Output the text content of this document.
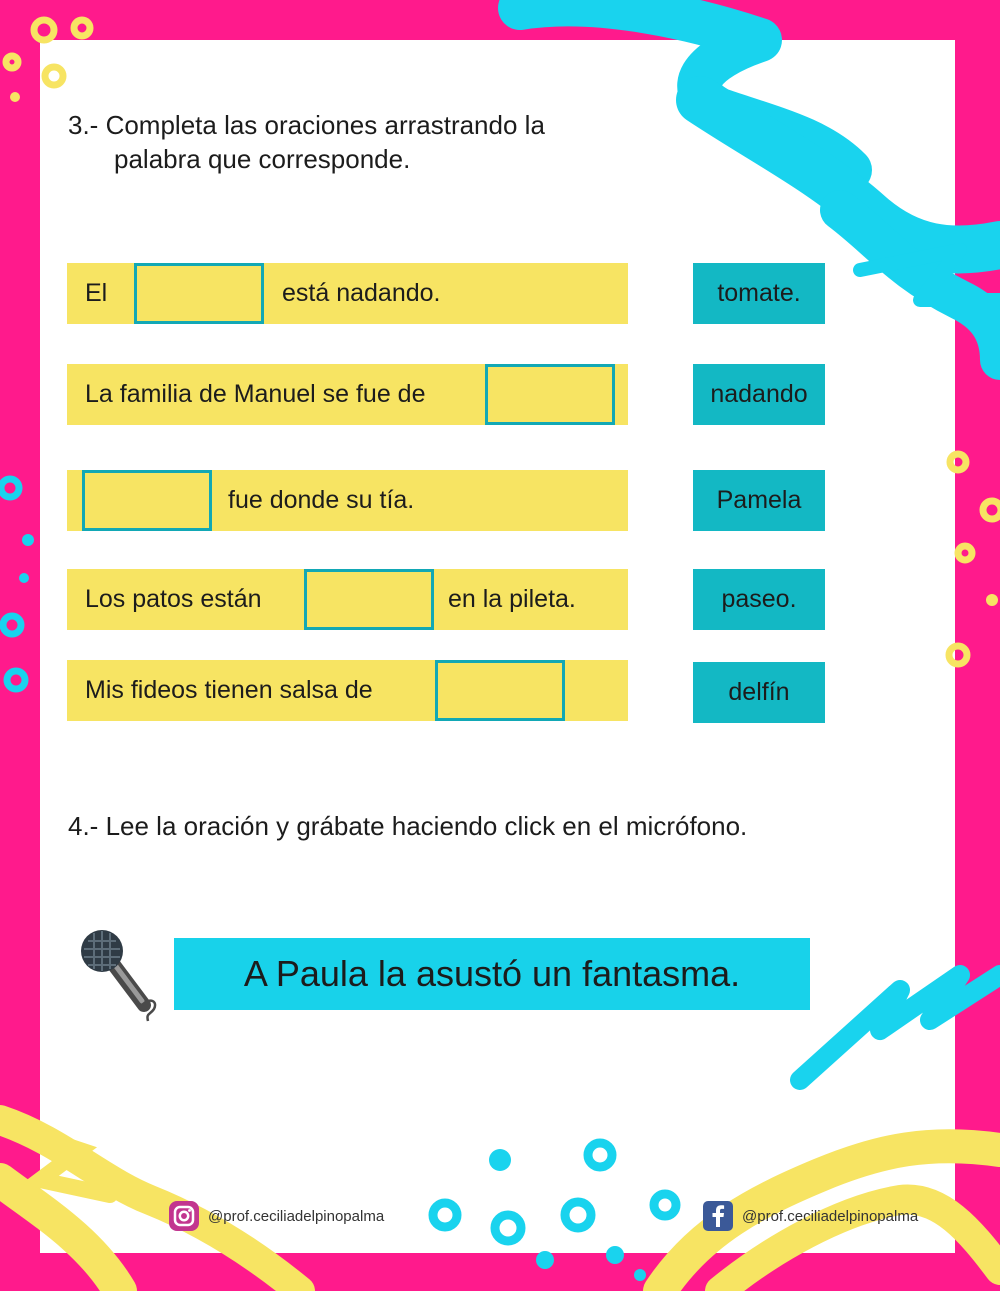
3.- Completa las oraciones arrastrando la
palabra que corresponde.
El	está nadando.
La familia de Manuel se fue de
fue donde su tía.
Los patos están	en la pileta.
Mis fideos tienen salsa de
tomate.
nadando
Pamela
paseo.
delfín
4.- Lee la oración y grábate haciendo click en el micrófono.
A Paula la asustó un fantasma.
@prof.ceciliadelpinopalma	@prof.ceciliadelpinopalma
